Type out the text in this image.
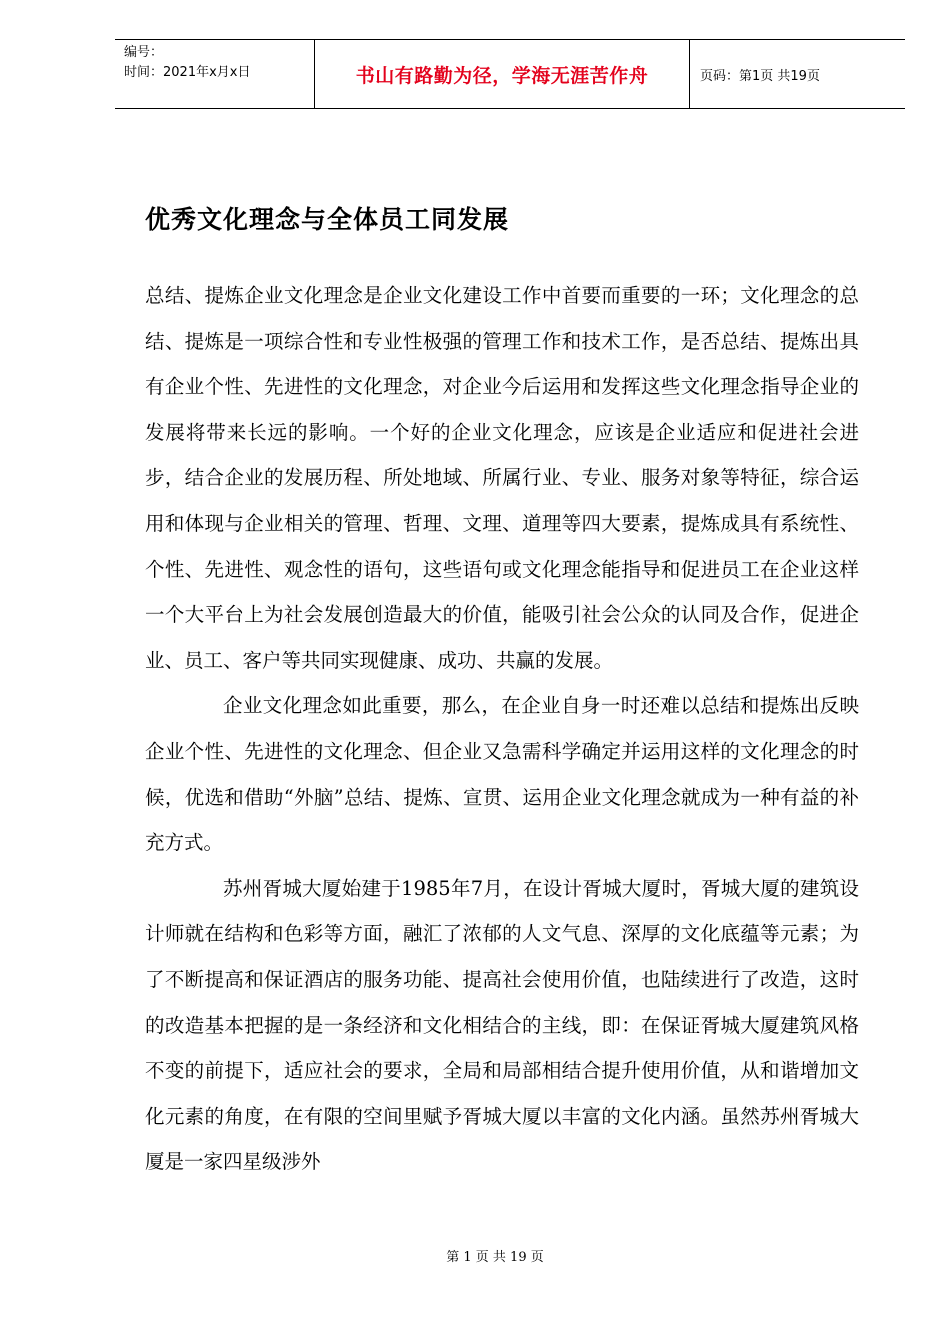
编号：
时间：2021年x月x日	书山有路勤为径，学海无涯苦作舟	页码：第1页 共19页
优秀文化理念与全体员工同发展

总结、提炼企业文化理念是企业文化建设工作中首要而重要的一环；文化理念的总结、提炼是一项综合性和专业性极强的管理工作和技术工作，是否总结、提炼出具有企业个性、先进性的文化理念，对企业今后运用和发挥这些文化理念指导企业的发展将带来长远的影响。一个好的企业文化理念，应该是企业适应和促进社会进步，结合企业的发展历程、所处地域、所属行业、专业、服务对象等特征，综合运用和体现与企业相关的管理、哲理、文理、道理等四大要素，提炼成具有系统性、个性、先进性、观念性的语句，这些语句或文化理念能指导和促进员工在企业这样一个大平台上为社会发展创造最大的价值，能吸引社会公众的认同及合作，促进企业、员工、客户等共同实现健康、成功、共赢的发展。

企业文化理念如此重要，那么，在企业自身一时还难以总结和提炼出反映企业个性、先进性的文化理念、但企业又急需科学确定并运用这样的文化理念的时候，优选和借助“外脑”总结、提炼、宣贯、运用企业文化理念就成为一种有益的补充方式。

苏州胥城大厦始建于1985年7月，在设计胥城大厦时，胥城大厦的建筑设计师就在结构和色彩等方面，融汇了浓郁的人文气息、深厚的文化底蕴等元素；为了不断提高和保证酒店的服务功能、提高社会使用价值，也陆续进行了改造，这时的改造基本把握的是一条经济和文化相结合的主线，即：在保证胥城大厦建筑风格不变的前提下，适应社会的要求，全局和局部相结合提升使用价值，从和谐增加文化元素的角度，在有限的空间里赋予胥城大厦以丰富的文化内涵。虽然苏州胥城大厦是一家四星级涉外

第 1 页 共 19 页
